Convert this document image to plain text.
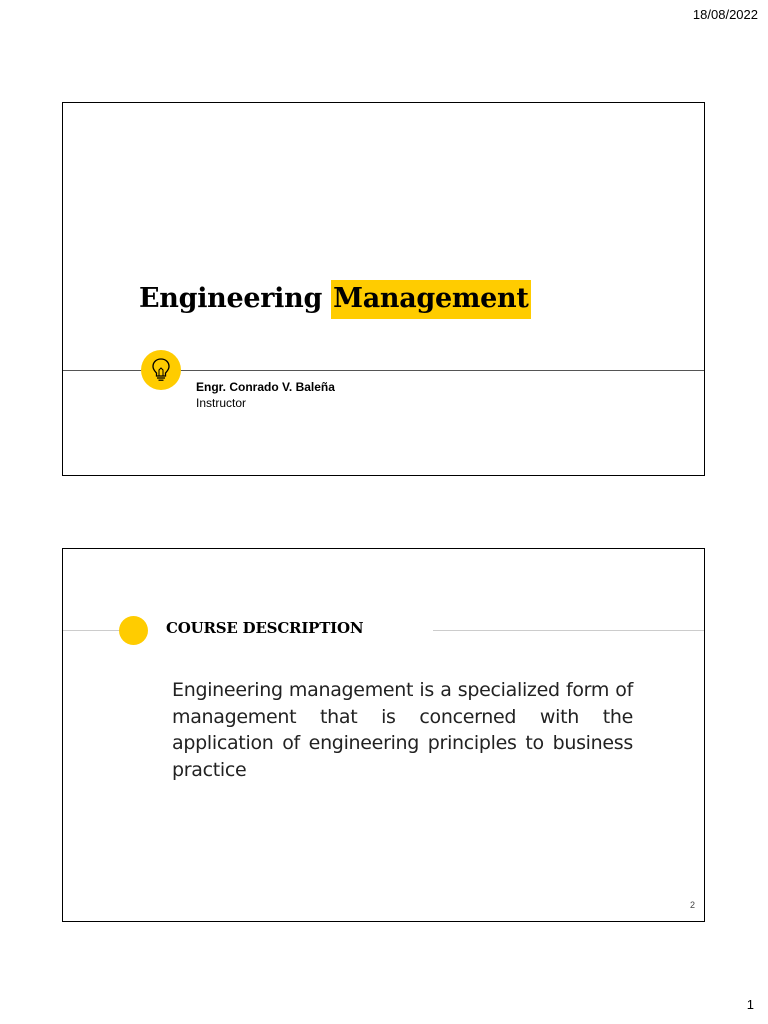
18/08/2022
Engineering Management
Engr. Conrado V. Baleña
Instructor
COURSE DESCRIPTION
Engineering management is a specialized form of management that is concerned with the application of engineering principles to business practice
2
1
